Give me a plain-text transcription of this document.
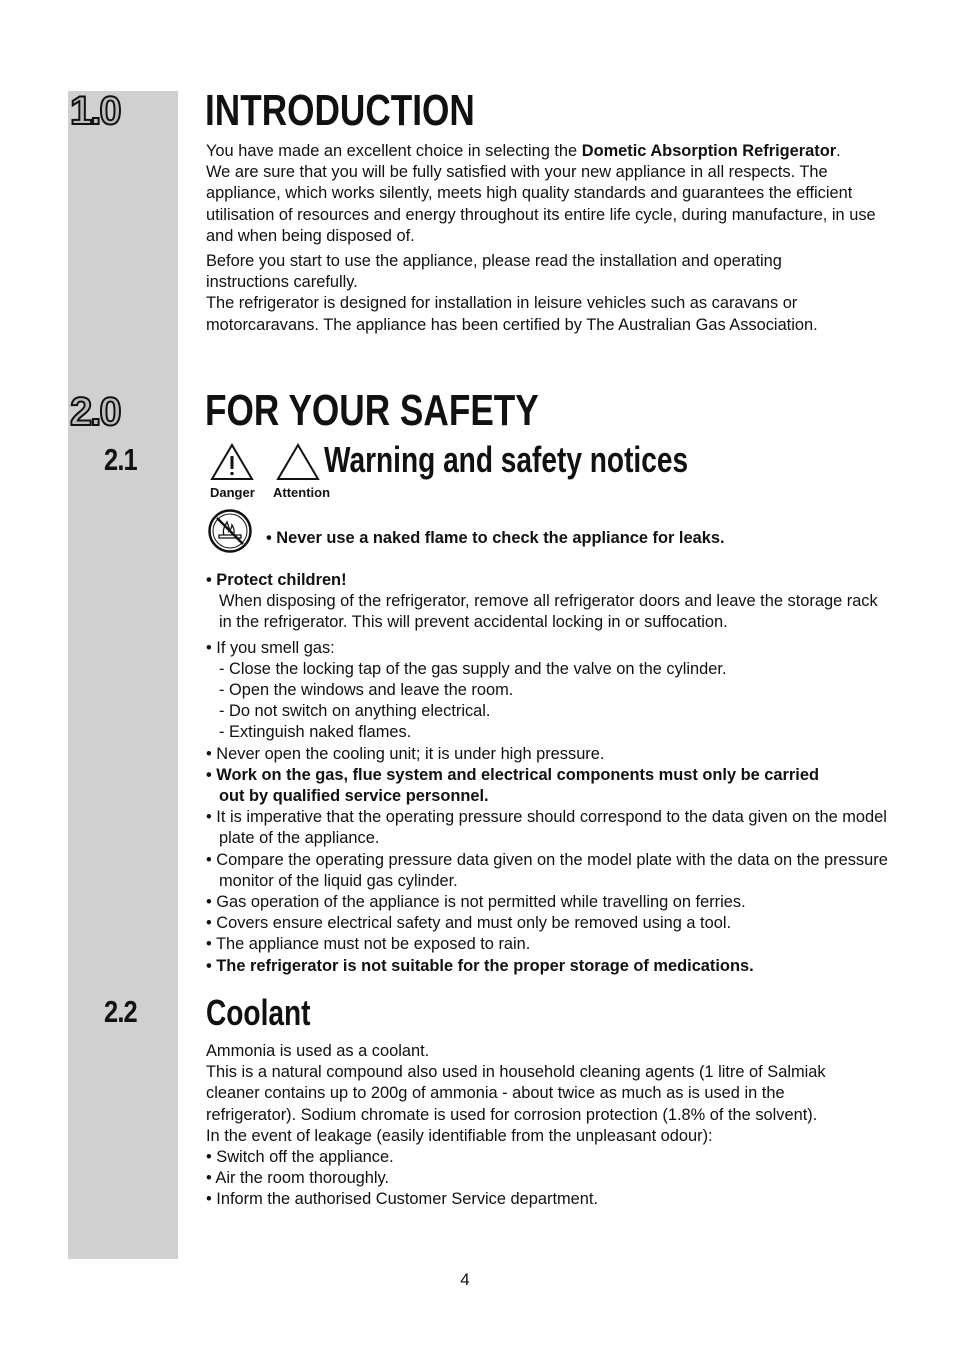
1.0	INTRODUCTION

You have made an excellent choice in selecting the Dometic Absorption Refrigerator.

We are sure that you will be fully satisfied with your new appliance in all respects. The appliance, which works silently, meets high quality standards and guarantees the efficient utilisation of resources and energy throughout its entire life cycle, during manufacture, in use and when being disposed of.

Before you start to use the appliance, please read the installation and operating instructions carefully.

The refrigerator is designed for installation in leisure vehicles such as caravans or motorcaravans. The appliance has been certified by The Australian Gas Association.

2.0	FOR YOUR SAFETY
2.1	Warning and safety notices
Danger Attention
• Never use a naked flame to check the appliance for leaks.

• Protect children!

When disposing of the refrigerator, remove all refrigerator doors and leave the storage rack in the refrigerator. This will prevent accidental locking in or suffocation.

• If you smell gas:

- Close the locking tap of the gas supply and the valve on the cylinder.
- Open the windows and leave the room.
- Do not switch on anything electrical.
- Extinguish naked flames.
• Never open the cooling unit; it is under high pressure.
• Work on the gas, flue system and electrical components must only be carried out by qualified service personnel.
• It is imperative that the operating pressure should correspond to the data given on the model plate of the appliance.
• Compare the operating pressure data given on the model plate with the data on the pressure monitor of the liquid gas cylinder.
• Gas operation of the appliance is not permitted while travelling on ferries.
• Covers ensure electrical safety and must only be removed using a tool.
• The appliance must not be exposed to rain.
• The refrigerator is not suitable for the proper storage of medications.
2.2	Coolant

Ammonia is used as a coolant.

This is a natural compound also used in household cleaning agents (1 litre of Salmiak cleaner contains up to 200g of ammonia - about twice as much as is used in the refrigerator). Sodium chromate is used for corrosion protection (1.8% of the solvent).

In the event of leakage (easily identifiable from the unpleasant odour):

• Switch off the appliance.
• Air the room thoroughly.
• Inform the authorised Customer Service department.
4
